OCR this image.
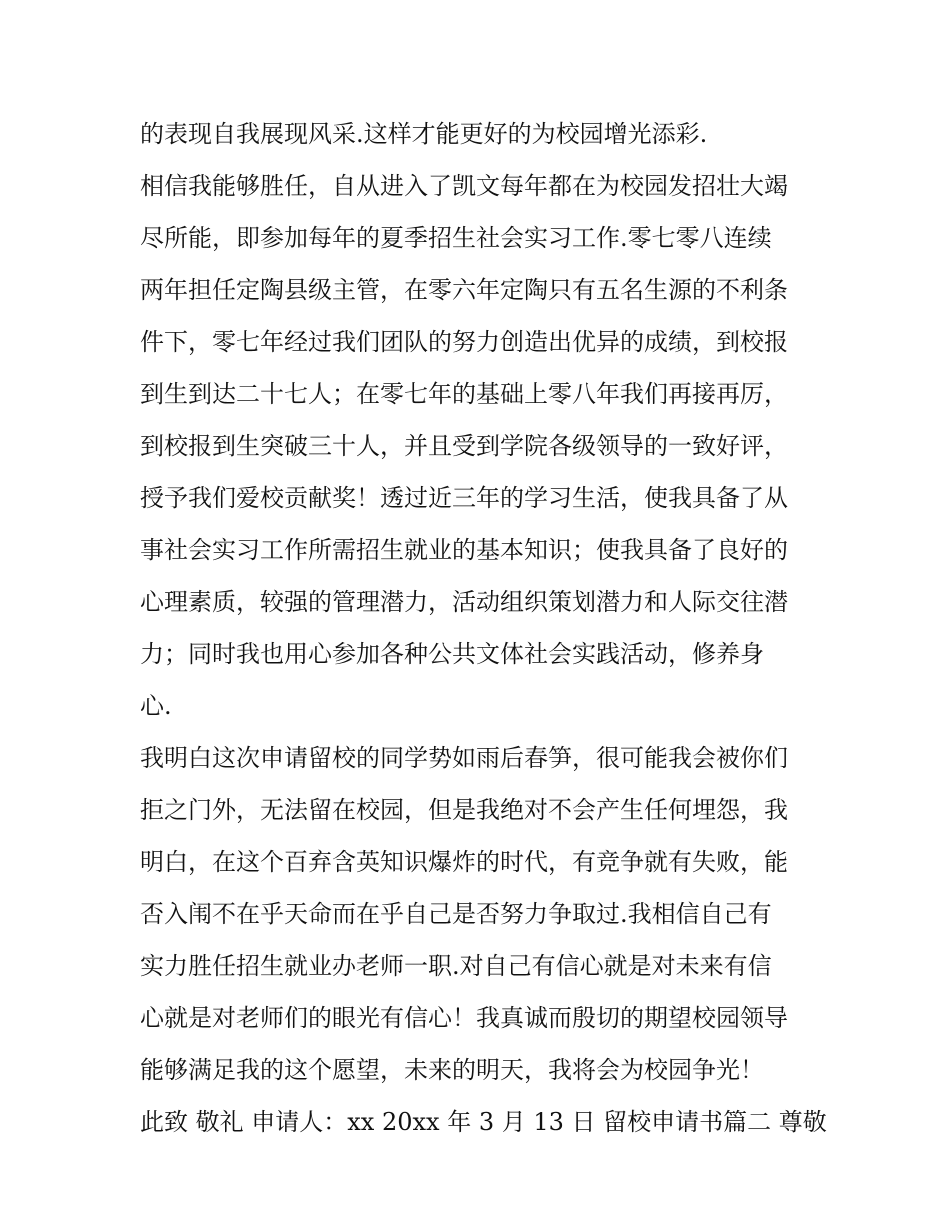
的表现自我展现风采.这样才能更好的为校园增光添彩.
相信我能够胜任，自从进入了凯文每年都在为校园发招壮大竭
尽所能，即参加每年的夏季招生社会实习工作.零七零八连续
两年担任定陶县级主管，在零六年定陶只有五名生源的不利条
件下，零七年经过我们团队的努力创造出优异的成绩，到校报
到生到达二十七人；在零七年的基础上零八年我们再接再厉，
到校报到生突破三十人，并且受到学院各级领导的一致好评，
授予我们爱校贡献奖！透过近三年的学习生活，使我具备了从
事社会实习工作所需招生就业的基本知识；使我具备了良好的
心理素质，较强的管理潜力，活动组织策划潜力和人际交往潜
力；同时我也用心参加各种公共文体社会实践活动，修养身
心.
我明白这次申请留校的同学势如雨后春笋，很可能我会被你们
拒之门外，无法留在校园，但是我绝对不会产生任何埋怨，我
明白，在这个百弃含英知识爆炸的时代，有竞争就有失败，能
否入闱不在乎天命而在乎自己是否努力争取过.我相信自己有
实力胜任招生就业办老师一职.对自己有信心就是对未来有信
心就是对老师们的眼光有信心！我真诚而殷切的期望校园领导
能够满足我的这个愿望，未来的明天，我将会为校园争光！
此致 敬礼 申请人：xx 20xx 年 3 月 13 日 留校申请书篇二 尊敬
